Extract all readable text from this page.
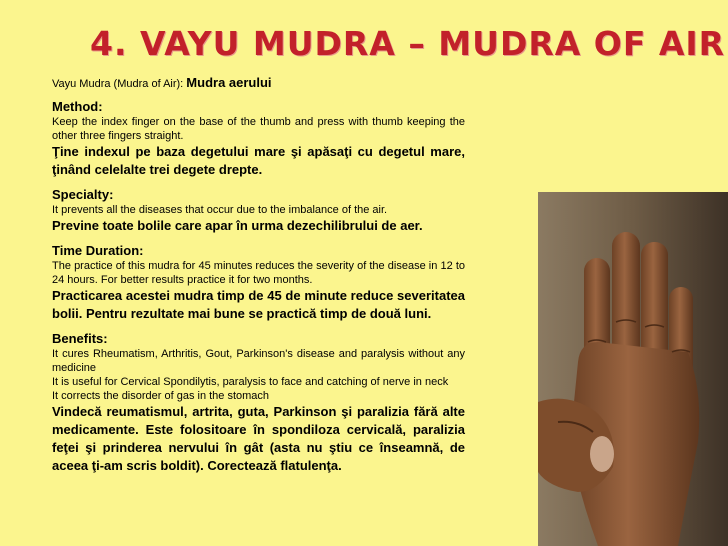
4. VAYU MUDRA – MUDRA OF AIR
Vayu Mudra (Mudra of Air): Mudra aerului
Method:
Keep the index finger on the base of the thumb and press with thumb keeping the other three fingers straight.
Ţine indexul pe baza degetului mare şi apăsaţi cu degetul mare, ţinând celelalte trei degete drepte.
Specialty:
It prevents all the diseases that occur due to the imbalance of the air.
Previne toate bolile care apar în urma dezechilibrului de aer.
Time Duration:
The practice of this mudra for 45 minutes reduces the severity of the disease in 12 to 24 hours. For better results practice it for two months.
Practicarea acestei mudra timp de 45 de minute reduce severitatea bolii. Pentru rezultate mai bune se practică timp de două luni.
Benefits:
It cures Rheumatism, Arthritis, Gout, Parkinson's disease and paralysis without any medicine
It is useful for Cervical Spondilytis, paralysis to face and catching of nerve in neck
It corrects the disorder of gas in the stomach
Vindecă reumatismul, artrita, guta, Parkinson şi paralizia fără alte medicamente. Este folositoare în spondiloza cervicală, paralizia feţei şi prinderea nervului în gât (asta nu ştiu ce înseamnă, de aceea ţi-am scris boldit). Corectează flatulenţa.
